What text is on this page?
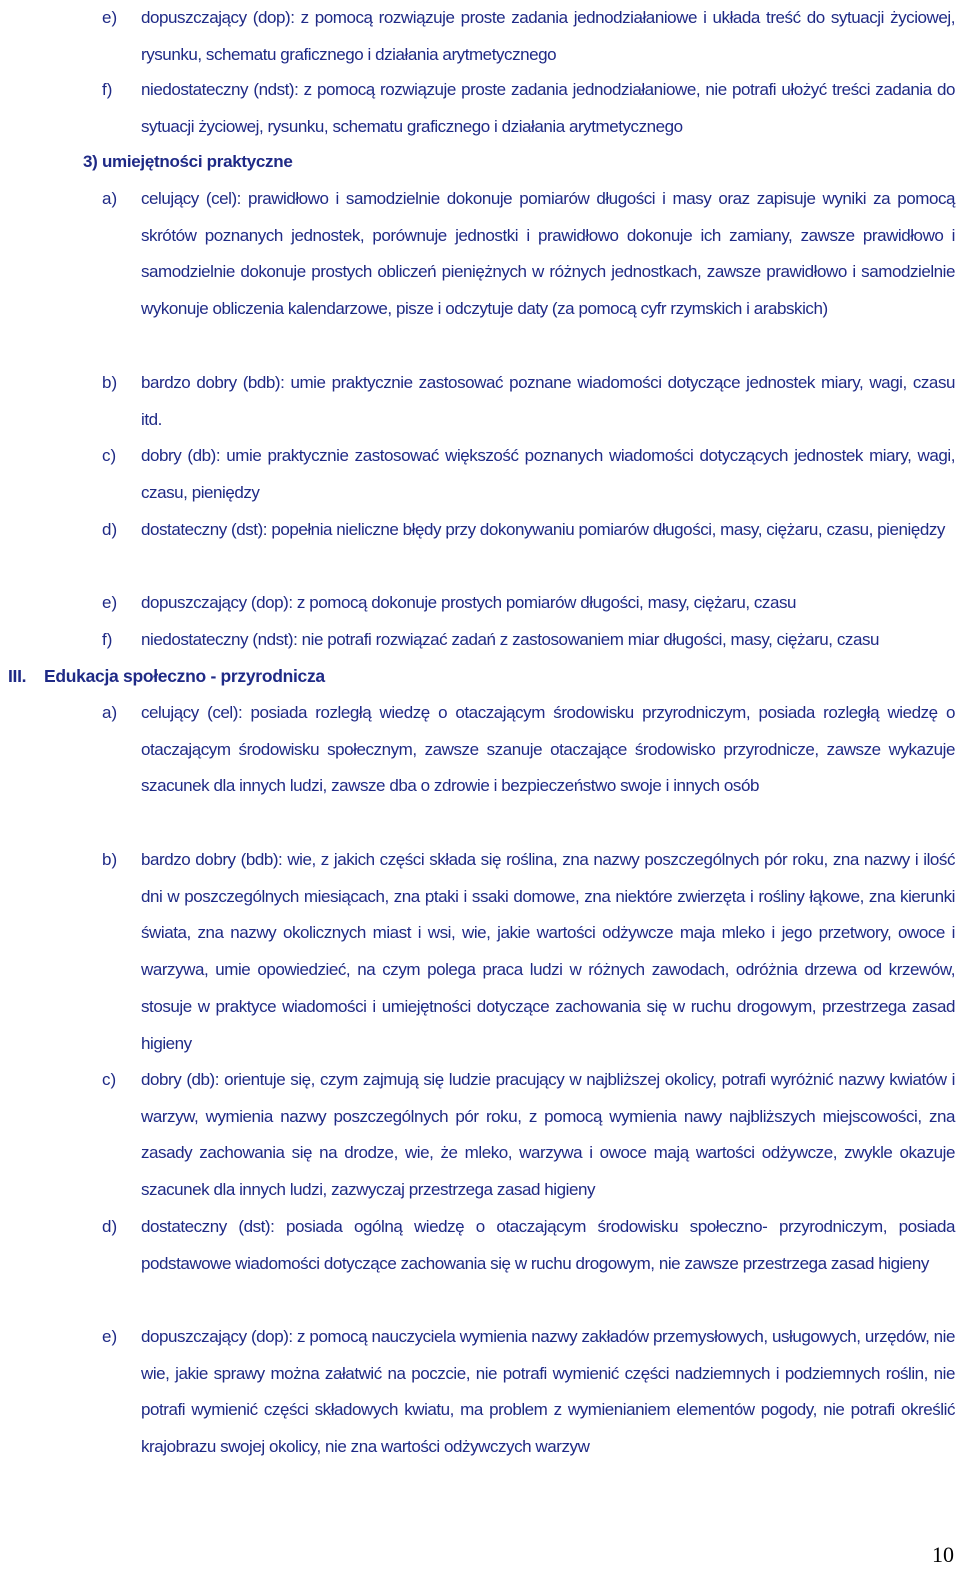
e) dopuszczający (dop): z pomocą rozwiązuje proste zadania jednodziałaniowe i układa treść do sytuacji życiowej, rysunku, schematu graficznego i działania arytmetycznego
f) niedostateczny (ndst): z pomocą rozwiązuje proste zadania jednodziałaniowe, nie potrafi ułożyć treści zadania do sytuacji życiowej, rysunku, schematu graficznego i działania arytmetycznego
3) umiejętności praktyczne
a) celujący (cel): prawidłowo i samodzielnie dokonuje pomiarów długości i masy oraz zapisuje wyniki za pomocą skrótów poznanych jednostek, porównuje jednostki i prawidłowo dokonuje ich zamiany, zawsze prawidłowo i samodzielnie dokonuje prostych obliczeń pieniężnych w różnych jednostkach, zawsze prawidłowo i samodzielnie wykonuje obliczenia kalendarzowe, pisze i odczytuje daty (za pomocą cyfr rzymskich i arabskich)
b) bardzo dobry (bdb): umie praktycznie zastosować poznane wiadomości dotyczące jednostek miary, wagi, czasu itd.
c) dobry (db): umie praktycznie zastosować większość poznanych wiadomości dotyczących jednostek miary, wagi, czasu, pieniędzy
d) dostateczny (dst): popełnia nieliczne błędy przy dokonywaniu pomiarów długości, masy, ciężaru, czasu, pieniędzy
e) dopuszczający (dop): z pomocą dokonuje prostych pomiarów długości, masy, ciężaru, czasu
f) niedostateczny (ndst): nie potrafi rozwiązać zadań z zastosowaniem miar długości, masy, ciężaru, czasu
III. Edukacja społeczno - przyrodnicza
a) celujący (cel): posiada rozległą wiedzę o otaczającym środowisku przyrodniczym, posiada rozległą wiedzę o otaczającym środowisku społecznym, zawsze szanuje otaczające środowisko przyrodnicze, zawsze wykazuje szacunek dla innych ludzi, zawsze dba o zdrowie i bezpieczeństwo swoje i innych osób
b) bardzo dobry (bdb): wie, z jakich części składa się roślina, zna nazwy poszczególnych pór roku, zna nazwy i ilość dni w poszczególnych miesiącach, zna ptaki i ssaki domowe, zna niektóre zwierzęta i rośliny łąkowe, zna kierunki świata, zna nazwy okolicznych miast i wsi, wie, jakie wartości odżywcze maja mleko i jego przetwory, owoce i warzywa, umie opowiedzieć, na czym polega praca ludzi w różnych zawodach, odróżnia drzewa od krzewów, stosuje w praktyce wiadomości i umiejętności dotyczące zachowania się w ruchu drogowym, przestrzega zasad higieny
c) dobry (db): orientuje się, czym zajmują się ludzie pracujący w najbliższej okolicy, potrafi wyróżnić nazwy kwiatów i warzyw, wymienia nazwy poszczególnych pór roku, z pomocą wymienia nawy najbliższych miejscowości, zna zasady zachowania się na drodze, wie, że mleko, warzywa i owoce mają wartości odżywcze, zwykle okazuje szacunek dla innych ludzi, zazwyczaj przestrzega zasad higieny
d) dostateczny (dst): posiada ogólną wiedzę o otaczającym środowisku społeczno- przyrodniczym, posiada podstawowe wiadomości dotyczące zachowania się w ruchu drogowym, nie zawsze przestrzega zasad higieny
e) dopuszczający (dop): z pomocą nauczyciela wymienia nazwy zakładów przemysłowych, usługowych, urzędów, nie wie, jakie sprawy można załatwić na poczcie, nie potrafi wymienić części nadziemnych i podziemnych roślin, nie potrafi wymienić części składowych kwiatu, ma problem z wymienianiem elementów pogody, nie potrafi określić krajobrazu swojej okolicy, nie zna wartości odżywczych warzyw
10
